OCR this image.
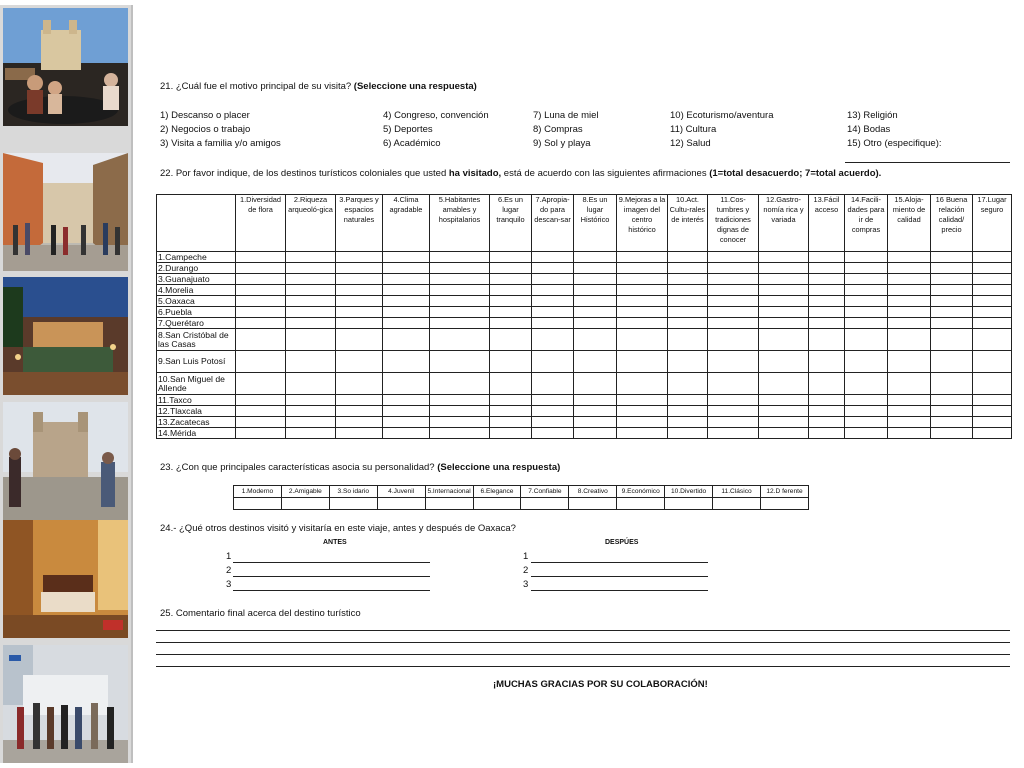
21. ¿Cuál fue el motivo principal de su visita? (Seleccione una respuesta)
1) Descanso o placer
2) Negocios o trabajo
3) Visita a familia y/o amigos
4) Congreso, convención
5) Deportes
6) Académico
7) Luna de miel
8) Compras
9) Sol y playa
10) Ecoturismo/aventura
11) Cultura
12) Salud
13) Religión
14) Bodas
15) Otro (especifique):
22. Por favor indique, de los destinos turísticos coloniales que usted ha visitado, está de acuerdo con las siguientes afirmaciones (1=total desacuerdo; 7=total acuerdo).
	1.Diversidad de flora	2.Riqueza arqueoló-gica	3.Parques y espacios naturales	4.Clima agradable	5.Habitantes amables y hospitalarios	6.Es un lugar tranquilo	7.Apropia-do para descan-sar	8.Es un lugar Histórico	9.Mejoras a la imagen del centro histórico	10.Act. Cultu-rales de interés	11.Cos-tumbres y tradiciones dignas de conocer	12.Gastro-nomía rica y variada	13.Fácil acceso	14.Facili-dades para ir de compras	15.Aloja-miento de calidad	16 Buena relación calidad/ precio	17.Lugar seguro
1.Campeche																	
2.Durango																	
3.Guanajuato																	
4.Morelia																	
5.Oaxaca																	
6.Puebla																	
7.Querétaro																	
8.San Cristóbal de las Casas																	
9.San Luis Potosí																	
10.San Miguel de Allende																	
11.Taxco																	
12.Tlaxcala																	
13.Zacatecas																	
14.Mérida																	
23. ¿Con que principales características asocia su personalidad? (Seleccione una respuesta)
1.Moderno	2.Amigable	3.So idario	4.Juvenil	5.Internacional	6.Elegance	7.Confiable	8.Creativo	9.Económico	10.Divertido	11.Clásico	12.D ferente

24.- ¿Qué otros destinos visitó y visitaría en este viaje, antes y después de Oaxaca?
ANTES	DESPÚES
1
2
3
1
2
3
25. Comentario final acerca del destino turístico
¡MUCHAS GRACIAS POR SU COLABORACIÓN!
